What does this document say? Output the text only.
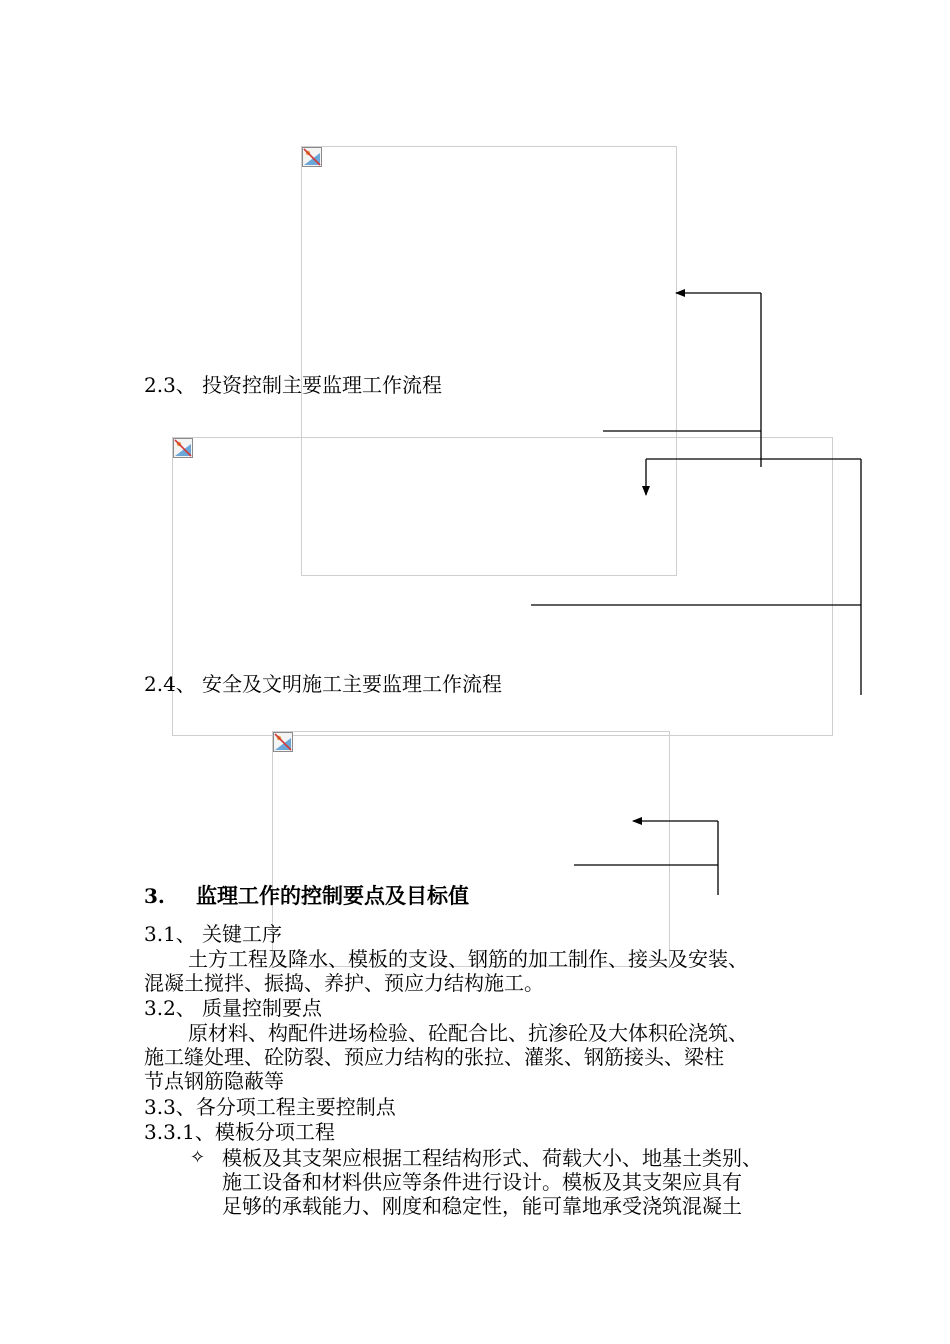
2.3、 投资控制主要监理工作流程
2.4、 安全及文明施工主要监理工作流程
3. 监理工作的控制要点及目标值
3.1、 关键工序
土方工程及降水、模板的支设、钢筋的加工制作、接头及安装、
混凝土搅拌、振捣、养护、预应力结构施工。
3.2、 质量控制要点
原材料、构配件进场检验、砼配合比、抗渗砼及大体积砼浇筑、
施工缝处理、砼防裂、预应力结构的张拉、灌浆、钢筋接头、梁柱
节点钢筋隐蔽等
3.3、各分项工程主要控制点
3.3.1、模板分项工程
✧ 模板及其支架应根据工程结构形式、荷载大小、地基土类别、
施工设备和材料供应等条件进行设计。模板及其支架应具有
足够的承载能力、刚度和稳定性，能可靠地承受浇筑混凝土
